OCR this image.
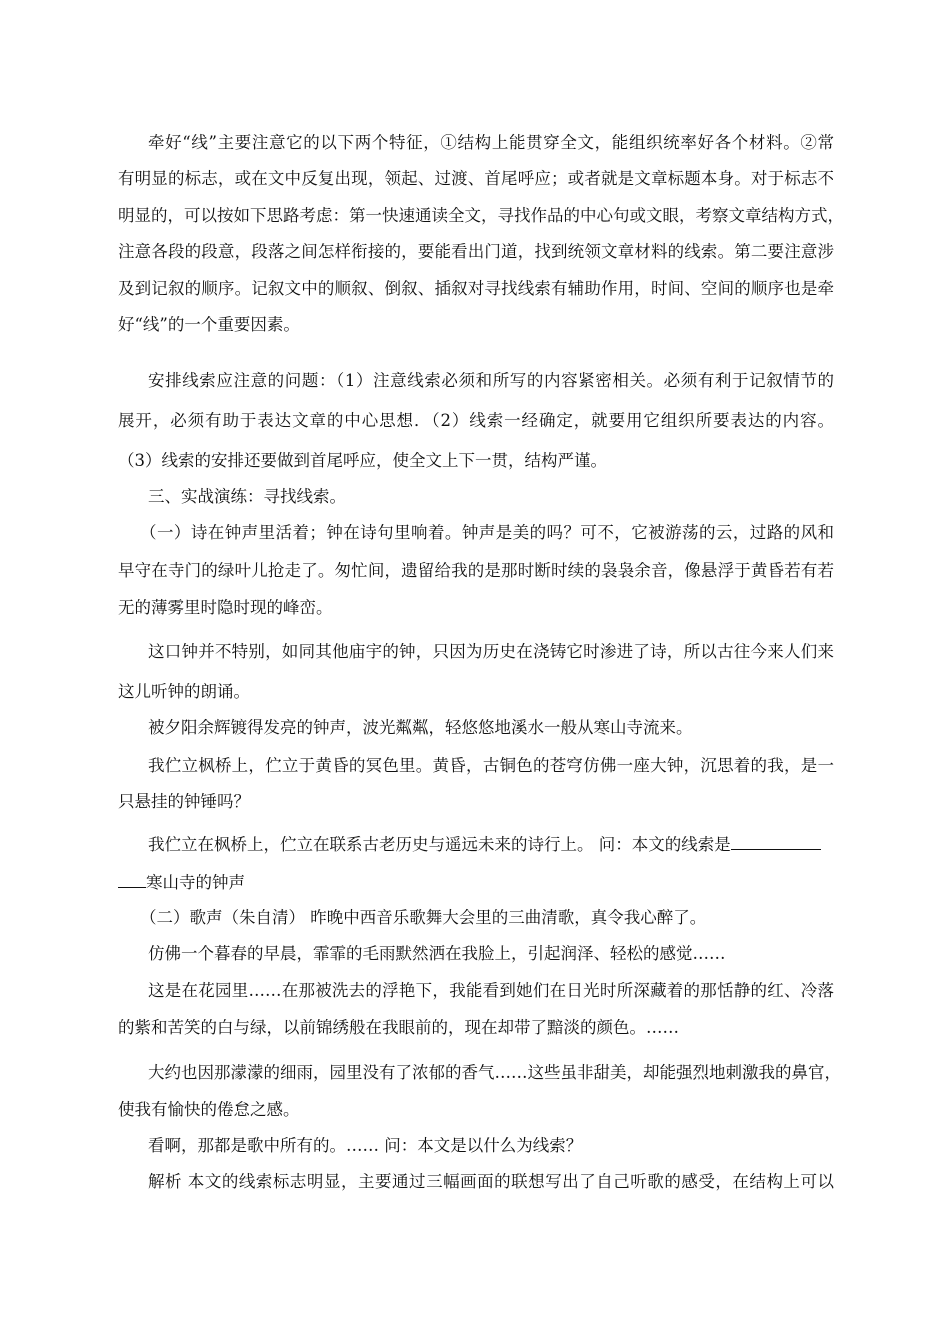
牵好“线”主要注意它的以下两个特征，①结构上能贯穿全文，能组织统率好各个材料。②常
有明显的标志，或在文中反复出现，领起、过渡、首尾呼应；或者就是文章标题本身。对于标志不
明显的，可以按如下思路考虑：第一快速通读全文，寻找作品的中心句或文眼，考察文章结构方式，
注意各段的段意，段落之间怎样衔接的，要能看出门道，找到统领文章材料的线索。第二要注意涉
及到记叙的顺序。记叙文中的顺叙、倒叙、插叙对寻找线索有辅助作用，时间、空间的顺序也是牵
好“线”的一个重要因素。
安排线索应注意的问题：（1）注意线索必须和所写的内容紧密相关。必须有利于记叙情节的
展开，必须有助于表达文章的中心思想．（2）线索一经确定，就要用它组织所要表达的内容。
（3）线索的安排还要做到首尾呼应，使全文上下一贯，结构严谨。
三、实战演练：寻找线索。
（一）诗在钟声里活着；钟在诗句里响着。钟声是美的吗？可不，它被游荡的云，过路的风和
早守在寺门的绿叶儿抢走了。匆忙间，遗留给我的是那时断时续的袅袅余音，像悬浮于黄昏若有若
无的薄雾里时隐时现的峰峦。
这口钟并不特别，如同其他庙宇的钟，只因为历史在浇铸它时渗进了诗，所以古往今来人们来
这儿听钟的朗诵。
被夕阳余辉镀得发亮的钟声，波光粼粼，轻悠悠地溪水一般从寒山寺流来。
我伫立枫桥上，伫立于黄昏的冥色里。黄昏，古铜色的苍穹仿佛一座大钟，沉思着的我，是一
只悬挂的钟锤吗？
我伫立在枫桥上，伫立在联系古老历史与遥远未来的诗行上。 问：本文的线索是
寒山寺的钟声
（二）歌声（朱自清） 昨晚中西音乐歌舞大会里的三曲清歌，真令我心醉了。
仿佛一个暮春的早晨，霏霏的毛雨默然洒在我脸上，引起润泽、轻松的感觉……
这是在花园里……在那被洗去的浮艳下，我能看到她们在日光时所深藏着的那恬静的红、冷落
的紫和苦笑的白与绿，以前锦绣般在我眼前的，现在却带了黯淡的颜色。……
大约也因那濛濛的细雨，园里没有了浓郁的香气……这些虽非甜美，却能强烈地刺激我的鼻官，
使我有愉快的倦怠之感。
看啊，那都是歌中所有的。…… 问：本文是以什么为线索？
解析 本文的线索标志明显，主要通过三幅画面的联想写出了自己听歌的感受，在结构上可以
